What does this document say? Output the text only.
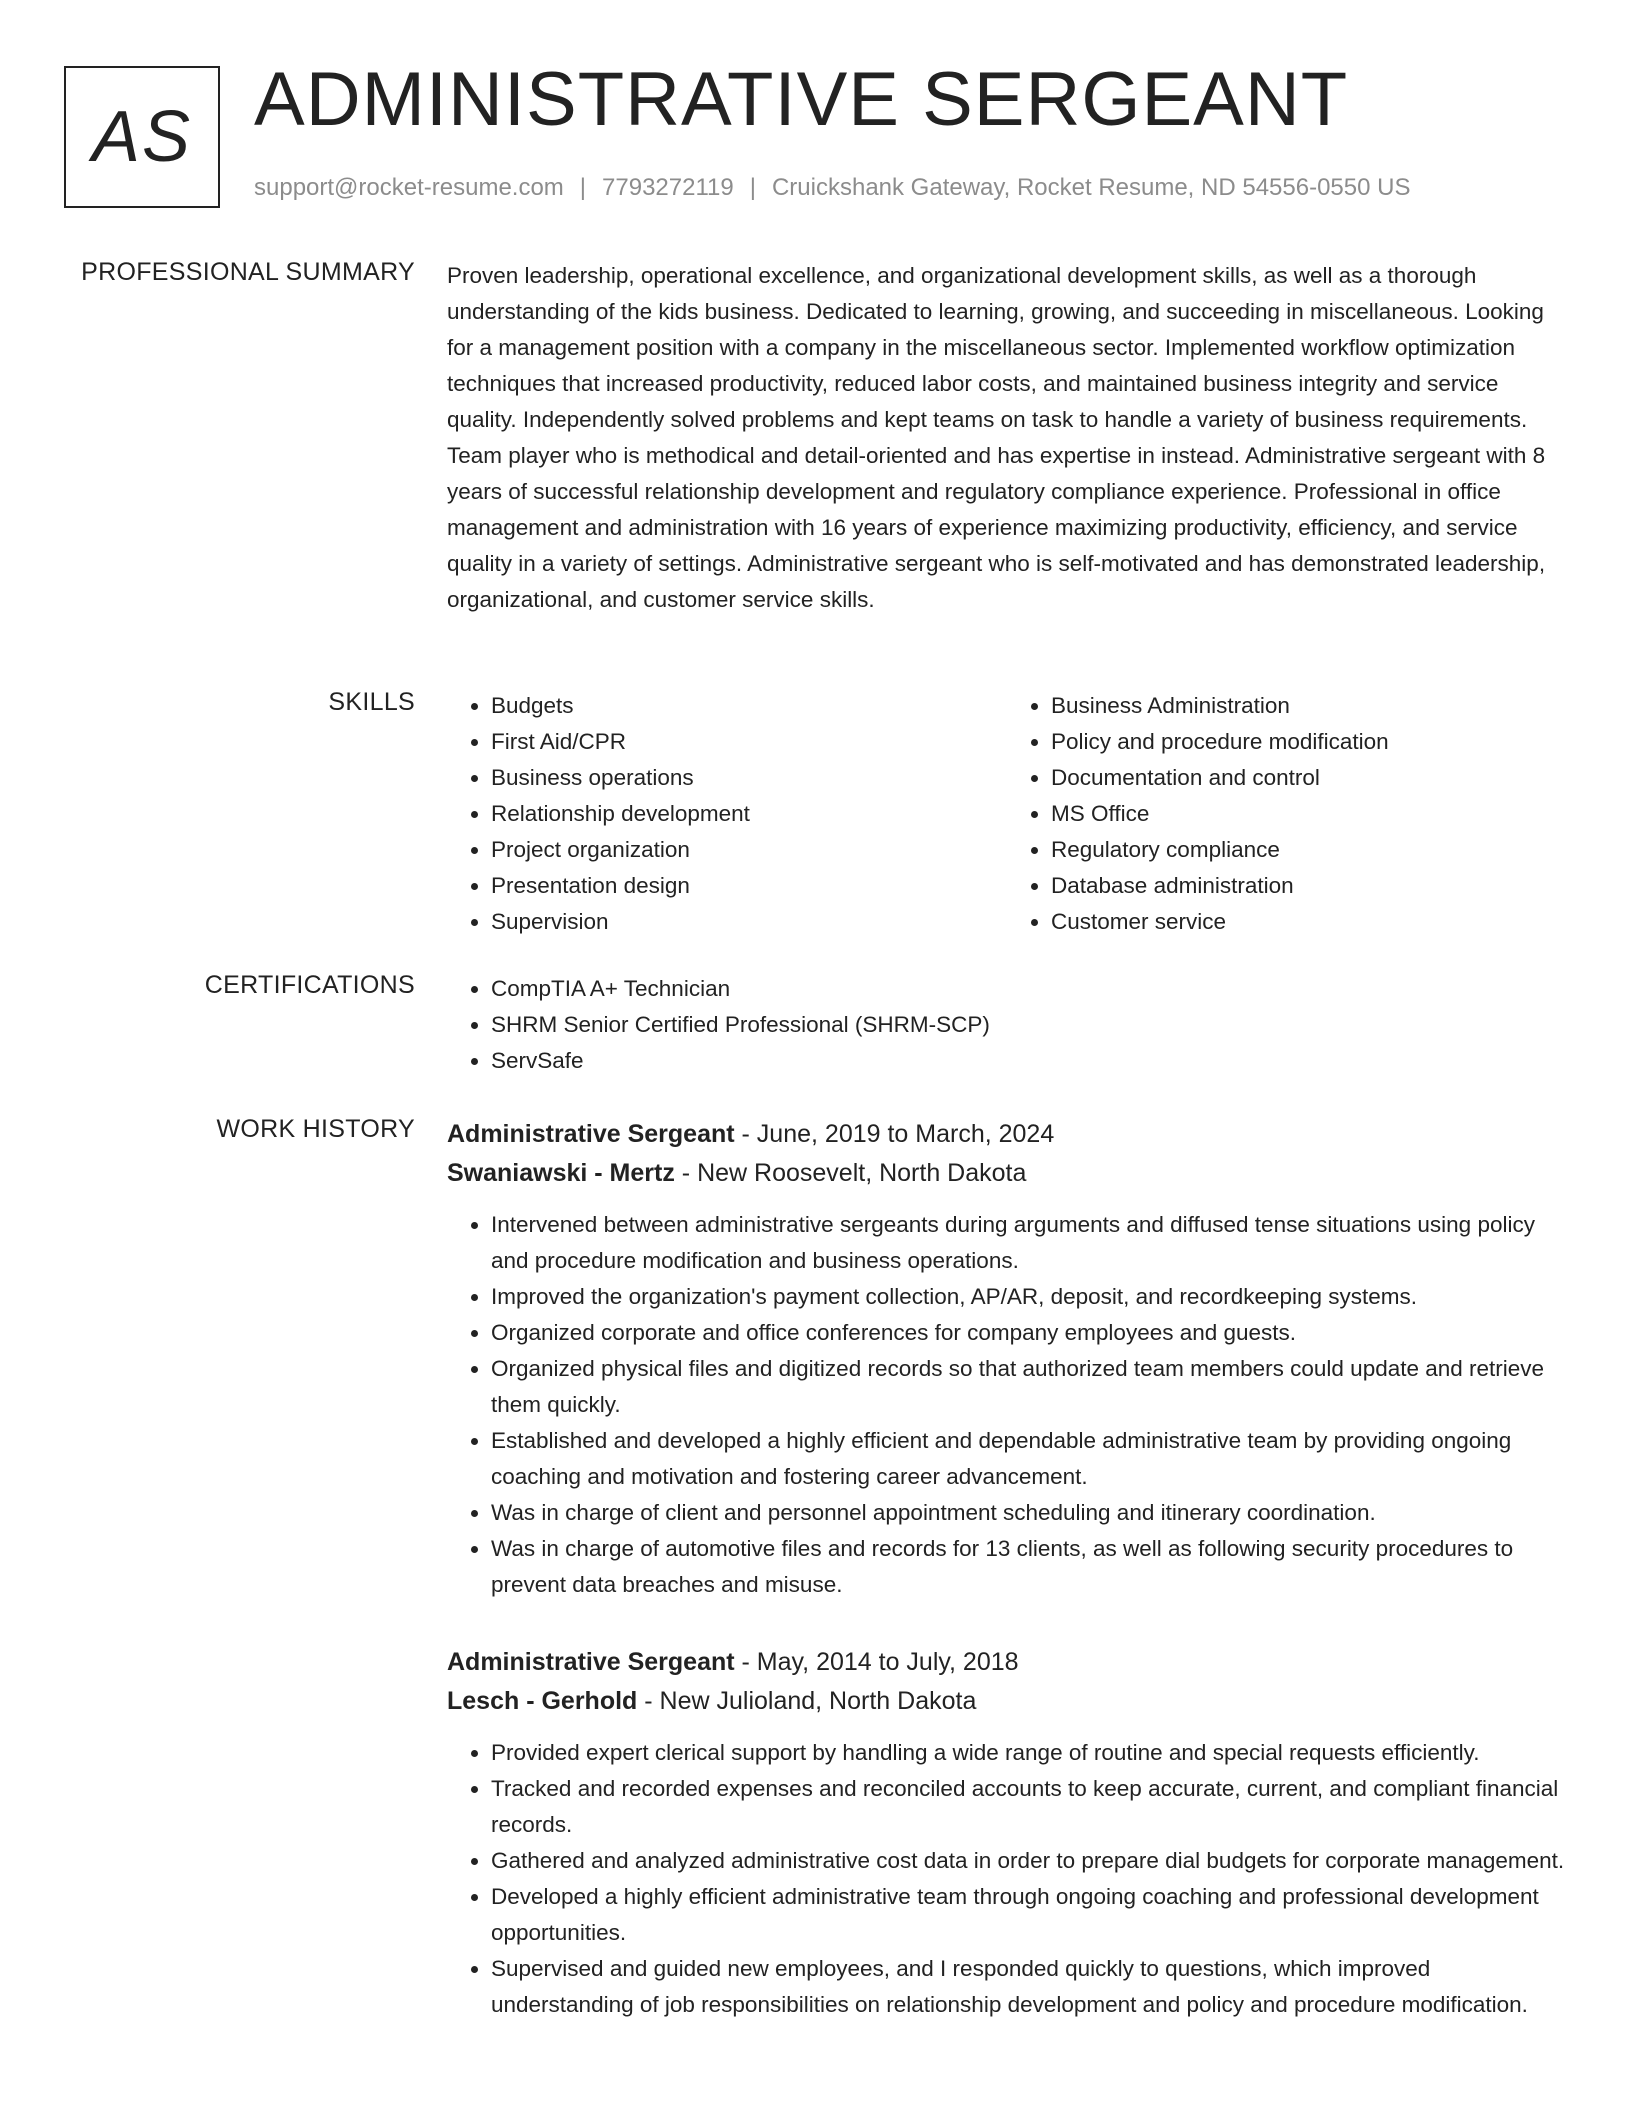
AS ADMINISTRATIVE SERGEANT
support@rocket-resume.com | 7793272119 | Cruickshank Gateway, Rocket Resume, ND 54556-0550 US
PROFESSIONAL SUMMARY Proven leadership, operational excellence, and organizational development skills, as well as a thorough understanding of the kids business. Dedicated to learning, growing, and succeeding in miscellaneous. Looking for a management position with a company in the miscellaneous sector. Implemented workflow optimization techniques that increased productivity, reduced labor costs, and maintained business integrity and service quality. Independently solved problems and kept teams on task to handle a variety of business requirements. Team player who is methodical and detail-oriented and has expertise in instead. Administrative sergeant with 8 years of successful relationship development and regulatory compliance experience. Professional in office management and administration with 16 years of experience maximizing productivity, efficiency, and service quality in a variety of settings. Administrative sergeant who is self-motivated and has demonstrated leadership, organizational, and customer service skills.

SKILLS	• Budgets
• First Aid/CPR
• Business operations
• Relationship development
• Project organization
• Presentation design
• Supervision
• Business Administration
• Policy and procedure modification
• Documentation and control
• MS Office
• Regulatory compliance
• Database administration
• Customer service
CERTIFICATIONS	• CompTIA A+ Technician
• SHRM Senior Certified Professional (SHRM-SCP)
• ServSafe
WORK HISTORY Administrative Sergeant - June, 2019 to March, 2024
Swaniawski - Mertz - New Roosevelt, North Dakota
• Intervened between administrative sergeants during arguments and diffused tense situations using policy and procedure modification and business operations.
• Improved the organization's payment collection, AP/AR, deposit, and recordkeeping systems.
• Organized corporate and office conferences for company employees and guests.
• Organized physical files and digitized records so that authorized team members could update and retrieve them quickly.
• Established and developed a highly efficient and dependable administrative team by providing ongoing coaching and motivation and fostering career advancement.
• Was in charge of client and personnel appointment scheduling and itinerary coordination.
• Was in charge of automotive files and records for 13 clients, as well as following security procedures to prevent data breaches and misuse.
Administrative Sergeant - May, 2014 to July, 2018
Lesch - Gerhold - New Julioland, North Dakota
• Provided expert clerical support by handling a wide range of routine and special requests efficiently.
• Tracked and recorded expenses and reconciled accounts to keep accurate, current, and compliant financial records.
• Gathered and analyzed administrative cost data in order to prepare dial budgets for corporate management.
• Developed a highly efficient administrative team through ongoing coaching and professional development opportunities.
• Supervised and guided new employees, and I responded quickly to questions, which improved understanding of job responsibilities on relationship development and policy and procedure modification.
